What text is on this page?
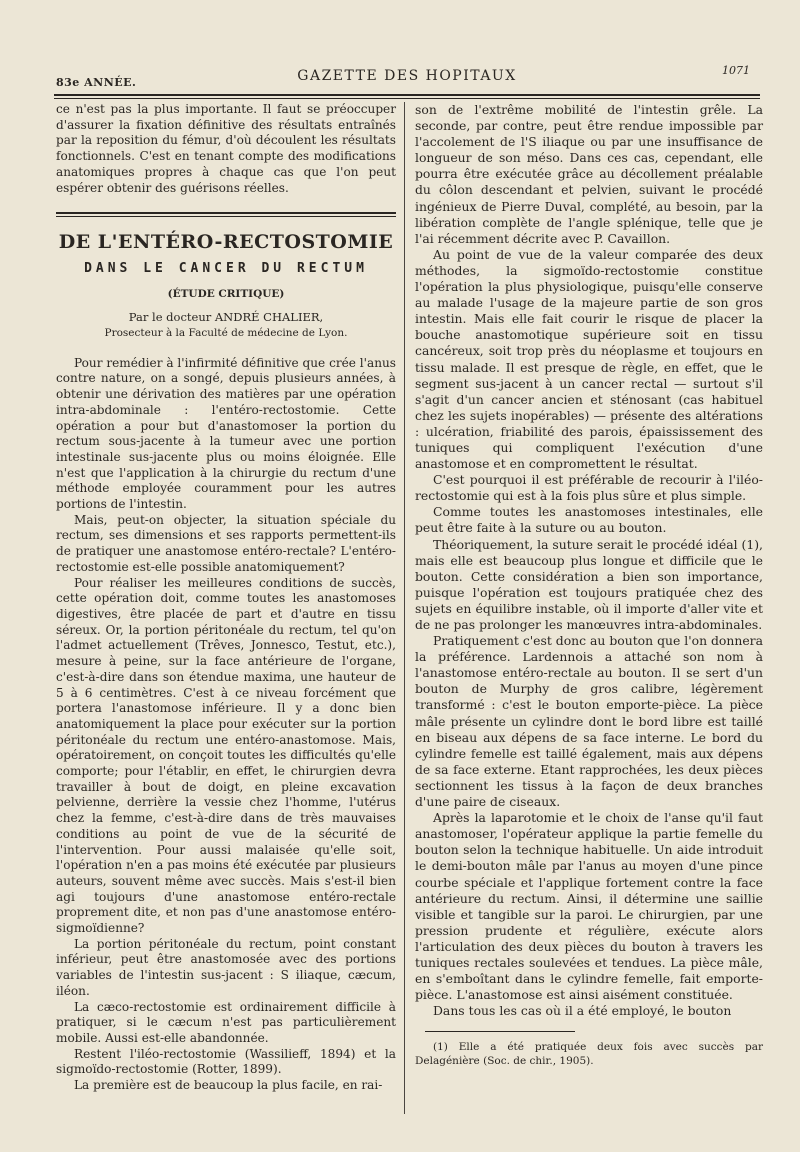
83e ANNÉE.	GAZETTE DES HOPITAUX	1071

ce n'est pas la plus importante. Il faut se préoccuper d'assurer la fixation définitive des résultats entraînés par la reposition du fémur, d'où découlent les résultats fonctionnels. C'est en tenant compte des modifications anatomiques propres à chaque cas que l'on peut espérer obtenir des guérisons réelles.

DE L'ENTÉRO-RECTOSTOMIE
DANS LE CANCER DU RECTUM
(ÉTUDE CRITIQUE)
Par le docteur ANDRÉ CHALIER,
Prosecteur à la Faculté de médecine de Lyon.

Pour remédier à l'infirmité définitive que crée l'anus contre nature, on a songé, depuis plusieurs années, à obtenir une dérivation des matières par une opération intra-abdominale : l'entéro-rectostomie. Cette opération a pour but d'anastomoser la portion du rectum sous-jacente à la tumeur avec une portion intestinale sus-jacente plus ou moins éloignée. Elle n'est que l'application à la chirurgie du rectum d'une méthode employée couramment pour les autres portions de l'intestin.

Mais, peut-on objecter, la situation spéciale du rectum, ses dimensions et ses rapports permettent-ils de pratiquer une anastomose entéro-rectale? L'entéro-rectostomie est-elle possible anatomiquement?

Pour réaliser les meilleures conditions de succès, cette opération doit, comme toutes les anastomoses digestives, être placée de part et d'autre en tissu séreux. Or, la portion péritonéale du rectum, tel qu'on l'admet actuellement (Trêves, Jonnesco, Testut, etc.), mesure à peine, sur la face antérieure de l'organe, c'est-à-dire dans son étendue maxima, une hauteur de 5 à 6 centimètres. C'est à ce niveau forcément que portera l'anastomose inférieure. Il y a donc bien anatomiquement la place pour exécuter sur la portion péritonéale du rectum une entéro-anastomose. Mais, opératoirement, on conçoit toutes les difficultés qu'elle comporte; pour l'établir, en effet, le chirurgien devra travailler à bout de doigt, en pleine excavation pelvienne, derrière la vessie chez l'homme, l'utérus chez la femme, c'est-à-dire dans de très mauvaises conditions au point de vue de la sécurité de l'intervention. Pour aussi malaisée qu'elle soit, l'opération n'en a pas moins été exécutée par plusieurs auteurs, souvent même avec succès. Mais s'est-il bien agi toujours d'une anastomose entéro-rectale proprement dite, et non pas d'une anastomose entéro-sigmoïdienne?

La portion péritonéale du rectum, point constant inférieur, peut être anastomosée avec des portions variables de l'intestin sus-jacent : S iliaque, cæcum, iléon.

La cæco-rectostomie est ordinairement difficile à pratiquer, si le cæcum n'est pas particulièrement mobile. Aussi est-elle abandonnée.

Restent l'iléo-rectostomie (Wassilieff, 1894) et la sigmoïdo-rectostomie (Rotter, 1899).

La première est de beaucoup la plus facile, en rai-

son de l'extrême mobilité de l'intestin grêle. La seconde, par contre, peut être rendue impossible par l'accolement de l'S iliaque ou par une insuffisance de longueur de son méso. Dans ces cas, cependant, elle pourra être exécutée grâce au décollement préalable du côlon descendant et pelvien, suivant le procédé ingénieux de Pierre Duval, complété, au besoin, par la libération complète de l'angle splénique, telle que je l'ai récemment décrite avec P. Cavaillon.

Au point de vue de la valeur comparée des deux méthodes, la sigmoïdo-rectostomie constitue l'opération la plus physiologique, puisqu'elle conserve au malade l'usage de la majeure partie de son gros intestin. Mais elle fait courir le risque de placer la bouche anastomotique supérieure soit en tissu cancéreux, soit trop près du néoplasme et toujours en tissu malade. Il est presque de règle, en effet, que le segment sus-jacent à un cancer rectal — surtout s'il s'agit d'un cancer ancien et sténosant (cas habituel chez les sujets inopérables) — présente des altérations : ulcération, friabilité des parois, épaississement des tuniques qui compliquent l'exécution d'une anastomose et en compromettent le résultat.

C'est pourquoi il est préférable de recourir à l'iléo-rectostomie qui est à la fois plus sûre et plus simple.

Comme toutes les anastomoses intestinales, elle peut être faite à la suture ou au bouton.

Théoriquement, la suture serait le procédé idéal (1), mais elle est beaucoup plus longue et difficile que le bouton. Cette considération a bien son importance, puisque l'opération est toujours pratiquée chez des sujets en équilibre instable, où il importe d'aller vite et de ne pas prolonger les manœuvres intra-abdominales.

Pratiquement c'est donc au bouton que l'on donnera la préférence. Lardennois a attaché son nom à l'anastomose entéro-rectale au bouton. Il se sert d'un bouton de Murphy de gros calibre, légèrement transformé : c'est le bouton emporte-pièce. La pièce mâle présente un cylindre dont le bord libre est taillé en biseau aux dépens de sa face interne. Le bord du cylindre femelle est taillé également, mais aux dépens de sa face externe. Etant rapprochées, les deux pièces sectionnent les tissus à la façon de deux branches d'une paire de ciseaux.

Après la laparotomie et le choix de l'anse qu'il faut anastomoser, l'opérateur applique la partie femelle du bouton selon la technique habituelle. Un aide introduit le demi-bouton mâle par l'anus au moyen d'une pince courbe spéciale et l'applique fortement contre la face antérieure du rectum. Ainsi, il détermine une saillie visible et tangible sur la paroi. Le chirurgien, par une pression prudente et régulière, exécute alors l'articulation des deux pièces du bouton à travers les tuniques rectales soulevées et tendues. La pièce mâle, en s'emboîtant dans le cylindre femelle, fait emporte-pièce. L'anastomose est ainsi aisément constituée.

Dans tous les cas où il a été employé, le bouton

(1) Elle a été pratiquée deux fois avec succès par Delagénière (Soc. de chir., 1905).
